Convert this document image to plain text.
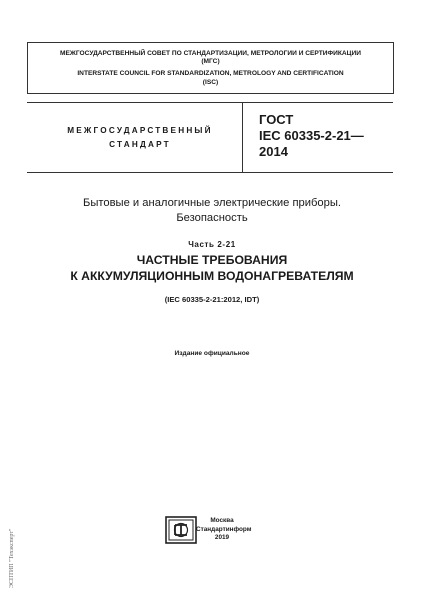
МЕЖГОСУДАРСТВЕННЫЙ СОВЕТ ПО СТАНДАРТИЗАЦИИ, МЕТРОЛОГИИ И СЕРТИФИКАЦИИ
(МГС)
INTERSTATE COUNCIL FOR STANDARDIZATION, METROLOGY AND CERTIFICATION
(ISC)
МЕЖГОСУДАРСТВЕННЫЙ
СТАНДАРТ
ГОСТ
IEC 60335-2-21—
2014
Бытовые и аналогичные электрические приборы.
Безопасность
Часть 2-21
ЧАСТНЫЕ ТРЕБОВАНИЯ
К АККУМУЛЯЦИОННЫМ ВОДОНАГРЕВАТЕЛЯМ
(IEC 60335-2-21:2012, IDT)
Издание официальное
Москва
Стандартинформ
2019
ЭСПТИП "Техэксперт"
